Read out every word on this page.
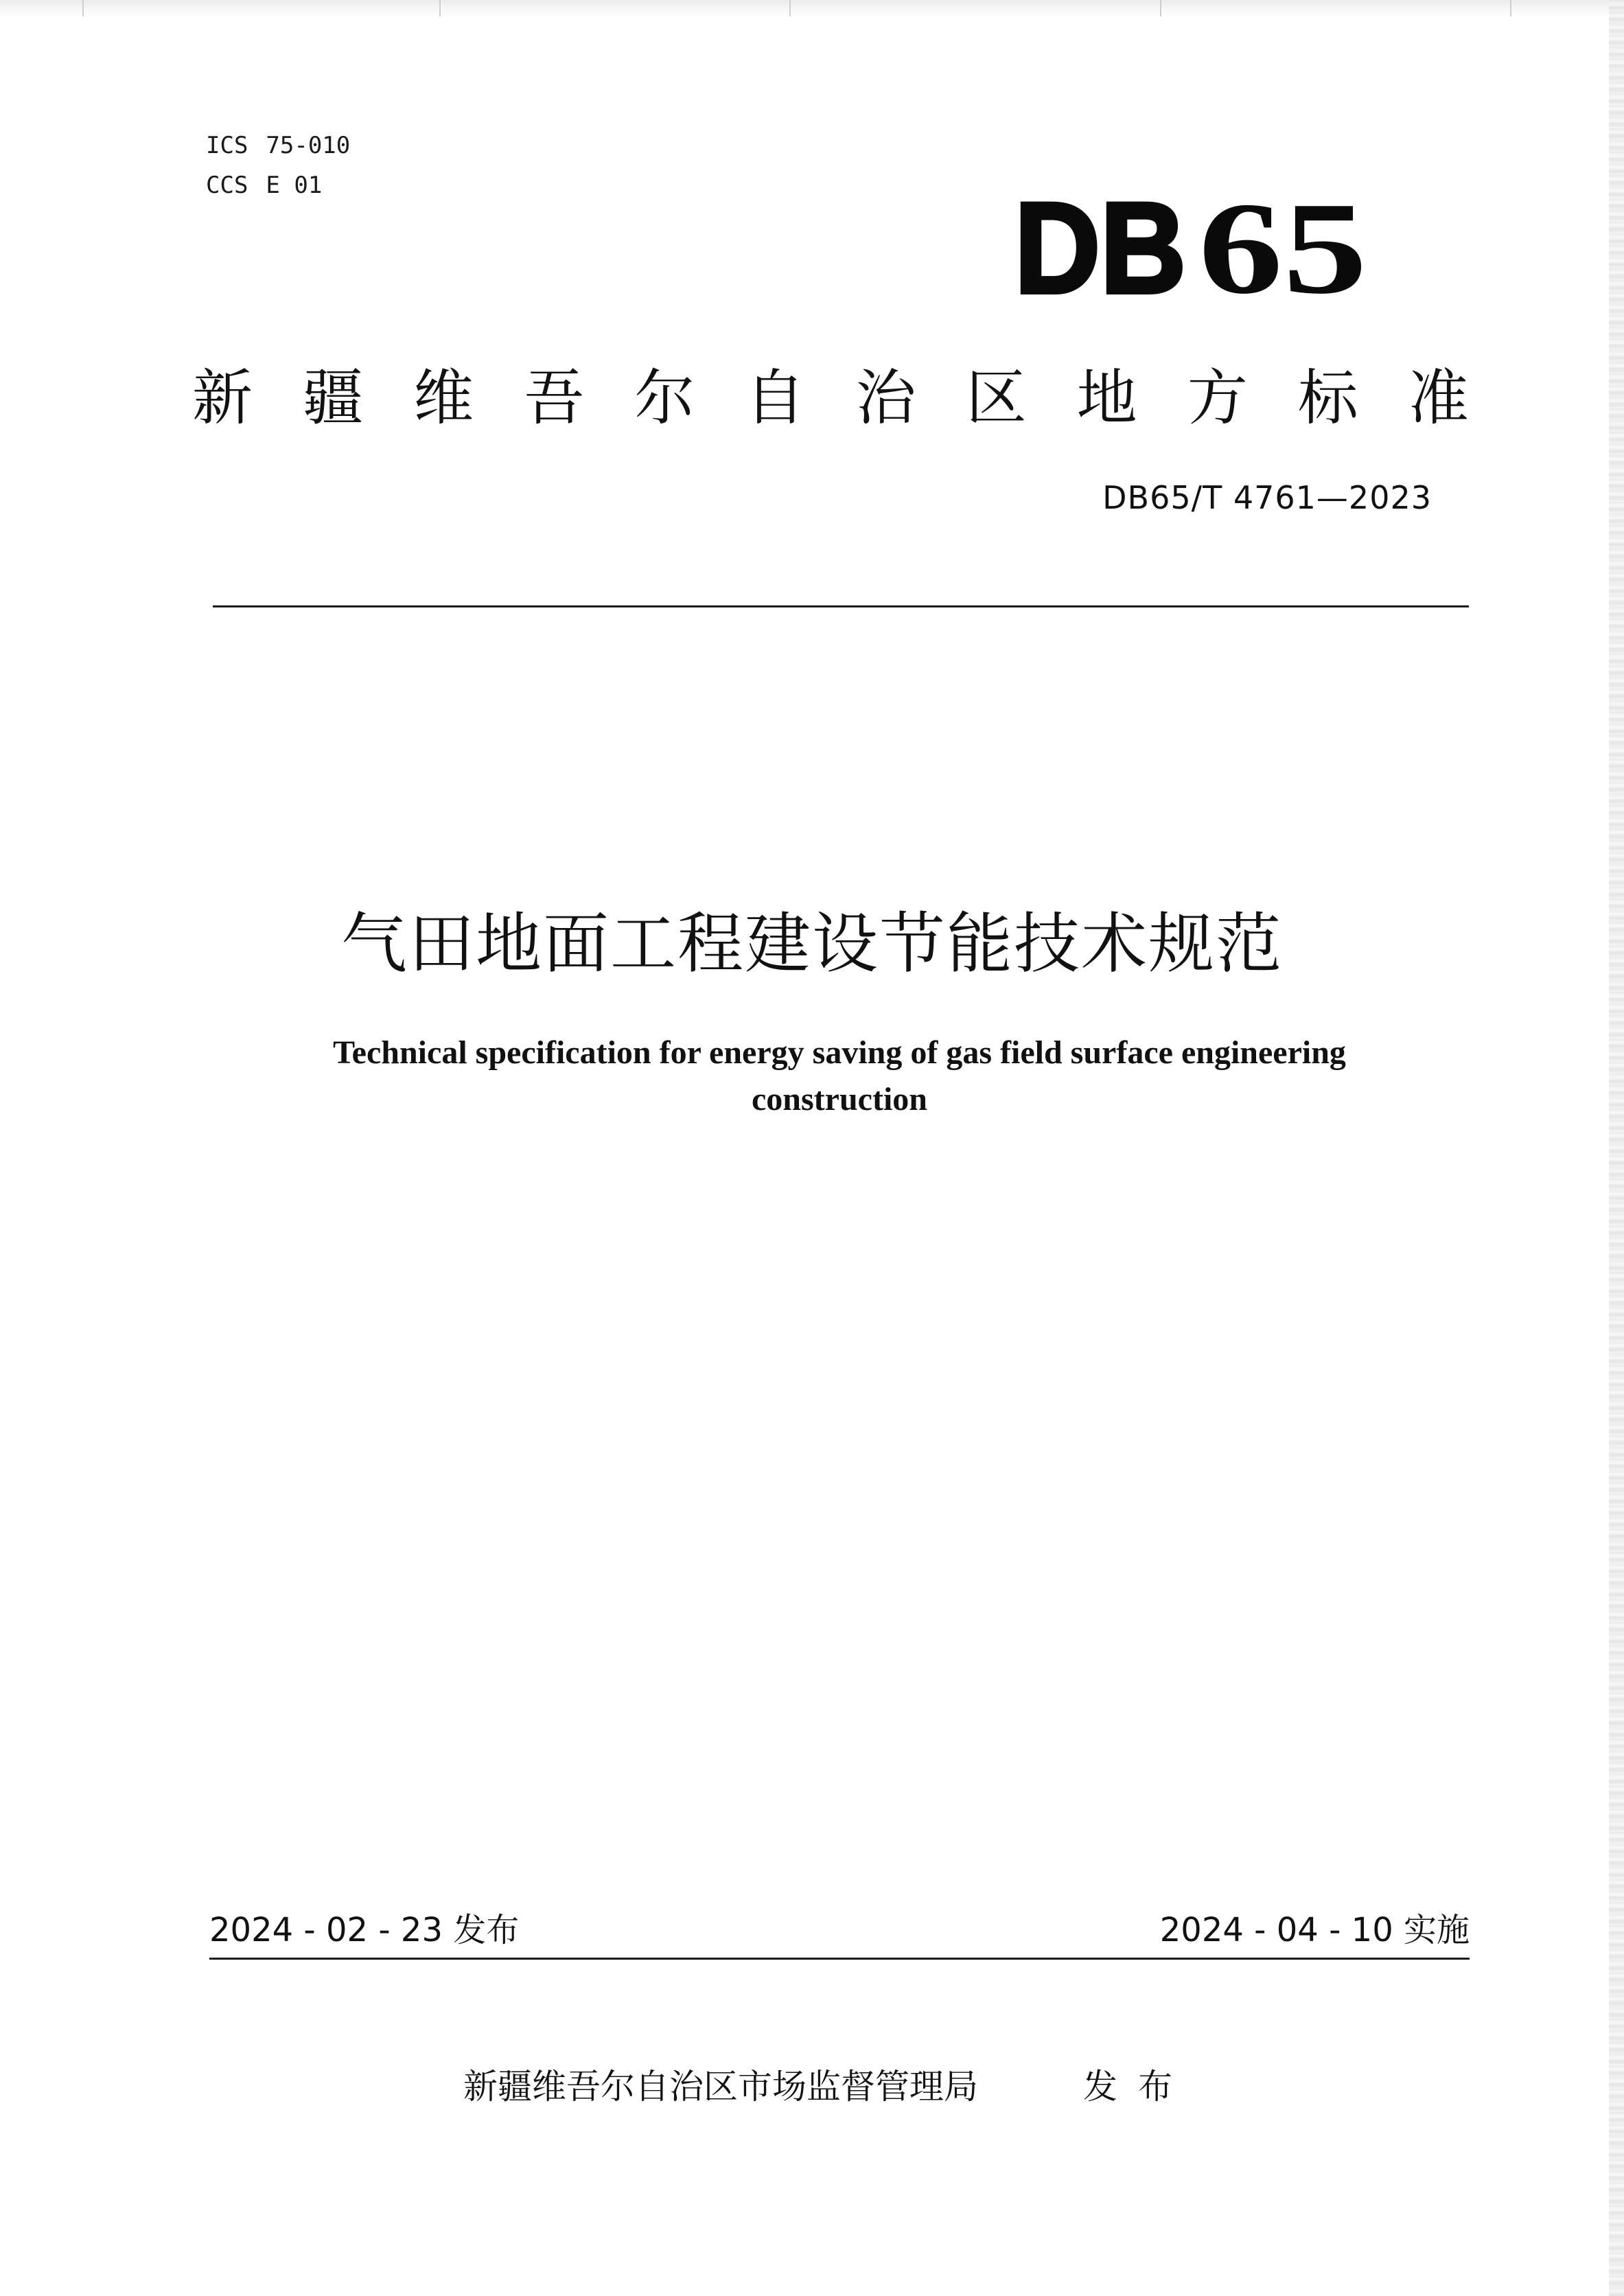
ICS 75-010
CCS E 01	DB 65
新 疆 维 吾 尔 自 治 区 地 方 标 准
DB65/T 4761—2023
气田地面工程建设节能技术规范
Technical specification for energy saving of gas field surface engineering construction
2024 - 02 - 23 发布	2024 - 04 - 10 实施
新疆维吾尔自治区市场监督管理局	发布
